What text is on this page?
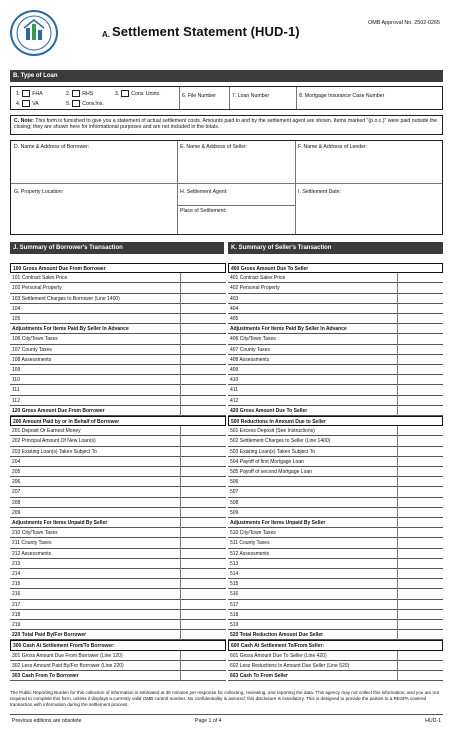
A. Settlement Statement (HUD-1)
OMB Approval No. 2502-0265
B. Type of Loan
1. FHA	2. RHS	3. Conv. Unins.
4. VA	5. Conv.Ins.
6. File Number	7. Loan Number	8. Mortgage Insurance Case Number
C. Note: This form is furnished to give you a statement of actual settlement costs. Amounts paid to and by the settlement agent are shown. Items marked "(p.o.c.)" were paid outside the closing; they are shown here for informational purposes and are not included in the totals.
D. Name & Address of Borrower:	E. Name & Address of Seller:	F. Name & Address of Lender:
G. Property Location:	H. Settlement Agent:
Place of Settlement:
I. Settlement Date:
J. Summary of Borrower's Transaction	K. Summary of Seller's Transaction
100 Gross Amount Due From Borrower
101 Contract Sales Price
102 Personal Property
103 Settlement Charges to Borrower (Line 1400)
104
105
Adjustments For Items Paid By Seller In Advance
106 City/Town Taxes
107 County Taxes
108 Assessments
109
110
111
112
120 Gross Amount Due From Borrower
200 Amount Paid by or In Behalf of Borrower
201 Deposit Or Earnest Money
202 Principal Amount Of New Loan(s)
203 Existing Loan(s) Taken Subject To
204
205
206
207
208
209
Adjustments For Items Unpaid By Seller
210 City/Town Taxes
211 County Taxes
212 Assessments
213
214
215
216
217
218
219
220 Total Paid By/For Borrower
300 Cash At Settlement From/To Borrower:
301 Gross Amount Due From Borrower (Line 120)
302 Less Amount Paid By/For Borrower (Line 220)
303 Cash From To Borrower
400 Gross Amount Due To Seller
401 Contract Sales Price
402 Personal Property
403
404
405
Adjustments For Items Paid By Seller In Advance
406 City/Town Taxes
407 County Taxes
408 Assessments
409
410
411
412
420 Gross Amount Due To Seller
500 Reductions In Amount Due to Seller
501 Excess Deposit (See Instructions)
502 Settlement Charges to Seller (Line 1400)
503 Existing Loan(s) Taken Subject To
504 Payoff of first Mortgage Loan
505 Payoff of second Mortgage Loan
506
507
508
509
Adjustments For Items Unpaid By Seller
510 City/Town Taxes
511 County Taxes
512 Assessments
513
514
515
516
517
518
519
520 Total Reduction Amount Due Seller
600 Cash At Settlement To/From Seller:
601 Gross Amount Due To Seller (Line 420)
602 Less Reductions In Amount Due Seller (Line 520)
603 Cash To From Seller
The Public Reporting Burden for this collection of information is estimated at 35 minutes per response for collecting, reviewing, and reporting the data. This agency may not collect this information, and you are not required to complete this form, unless it displays a currently valid OMB control number. No confidentiality is assured; this disclosure is mandatory. This is designed to provide the parties to a RESPA covered transaction with information during the settlement process.
Previous editions are obsolete	Page 1 of 4	HUD-1
